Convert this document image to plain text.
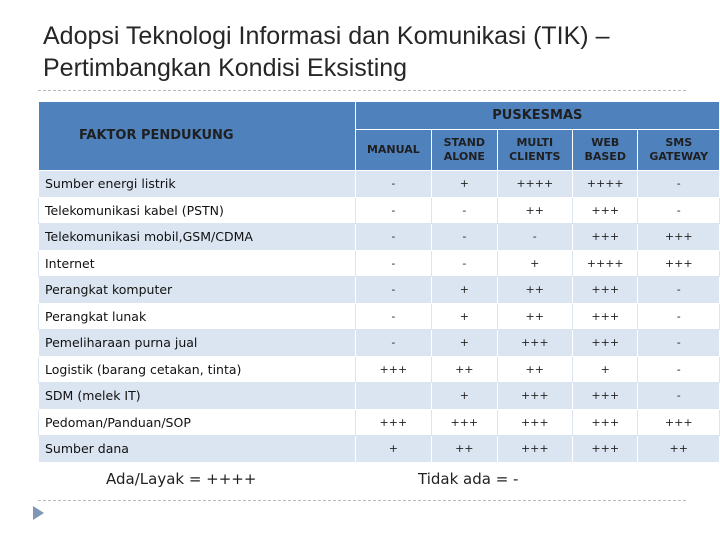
Adopsi Teknologi Informasi dan Komunikasi (TIK) – Pertimbangkan Kondisi Eksisting
FAKTOR PENDUKUNG	PUSKESMAS				
	MANUAL	STAND ALONE	MULTI CLIENTS	WEB BASED	SMS GATEWAY
Sumber energi listrik	-	+	++++	++++	-
Telekomunikasi kabel (PSTN)	-	-	++	+++	-
Telekomunikasi mobil,GSM/CDMA	-	-	-	+++	+++
Internet	-	-	+	++++	+++
Perangkat komputer	-	+	++	+++	-
Perangkat lunak	-	+	++	+++	-
Pemeliharaan purna jual	-	+	+++	+++	-
Logistik (barang cetakan, tinta)	+++	++	++	+	-
SDM (melek IT)		+	+++	+++	-
Pedoman/Panduan/SOP	+++	+++	+++	+++	+++
Sumber dana	+	++	+++	+++	++
Ada/Layak = ++++	Tidak ada = -
